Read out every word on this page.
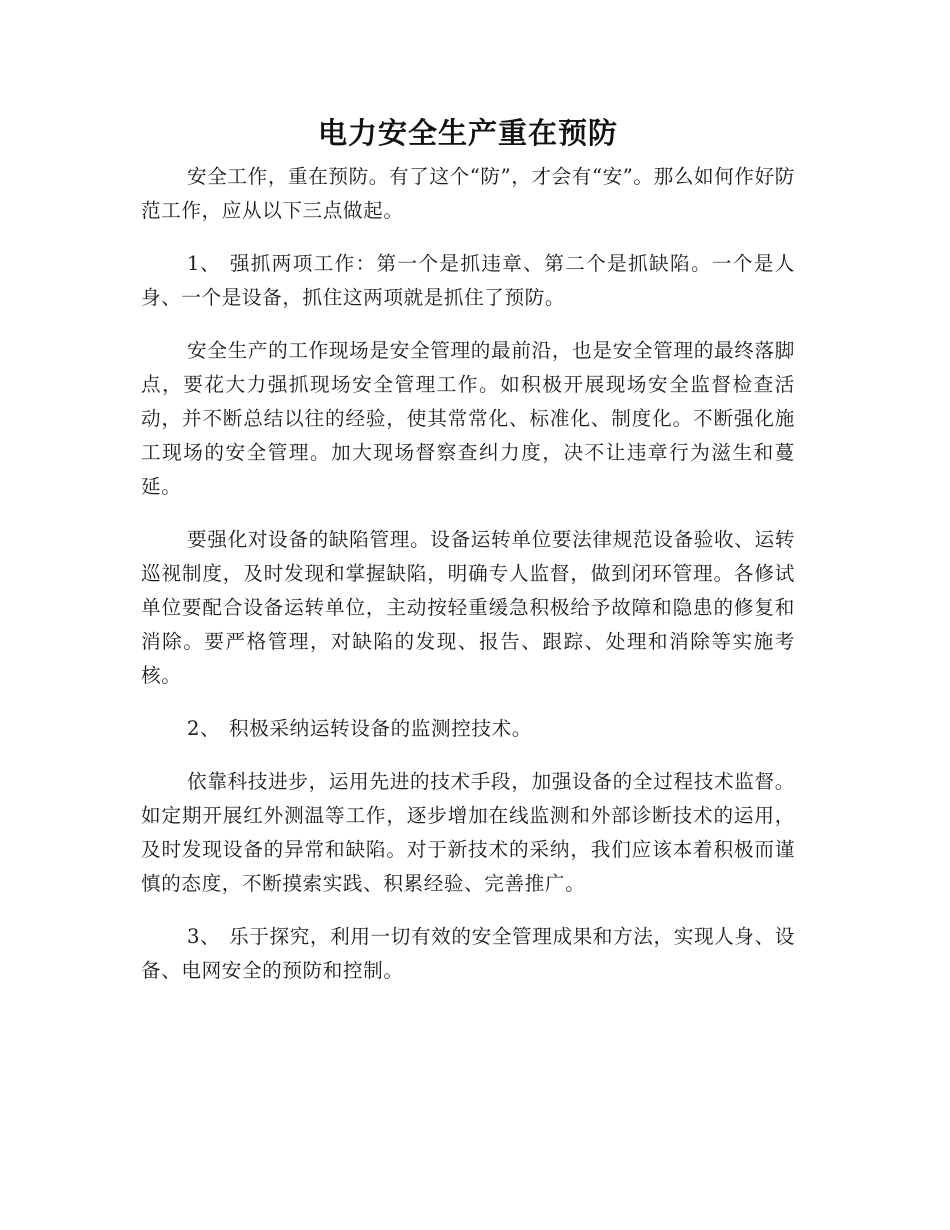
电力安全生产重在预防

安全工作，重在预防。有了这个“防”，才会有“安”。那么如何作好防范工作，应从以下三点做起。

1、 强抓两项工作：第一个是抓违章、第二个是抓缺陷。一个是人身、一个是设备，抓住这两项就是抓住了预防。

安全生产的工作现场是安全管理的最前沿，也是安全管理的最终落脚点，要花大力强抓现场安全管理工作。如积极开展现场安全监督检查活动，并不断总结以往的经验，使其常常化、标准化、制度化。不断强化施工现场的安全管理。加大现场督察查纠力度，决不让违章行为滋生和蔓延。

要强化对设备的缺陷管理。设备运转单位要法律规范设备验收、运转巡视制度，及时发现和掌握缺陷，明确专人监督，做到闭环管理。各修试单位要配合设备运转单位，主动按轻重缓急积极给予故障和隐患的修复和消除。要严格管理，对缺陷的发现、报告、跟踪、处理和消除等实施考核。

2、 积极采纳运转设备的监测控技术。

依靠科技进步，运用先进的技术手段，加强设备的全过程技术监督。如定期开展红外测温等工作，逐步增加在线监测和外部诊断技术的运用，及时发现设备的异常和缺陷。对于新技术的采纳，我们应该本着积极而谨慎的态度，不断摸索实践、积累经验、完善推广。

3、 乐于探究，利用一切有效的安全管理成果和方法，实现人身、设备、电网安全的预防和控制。
